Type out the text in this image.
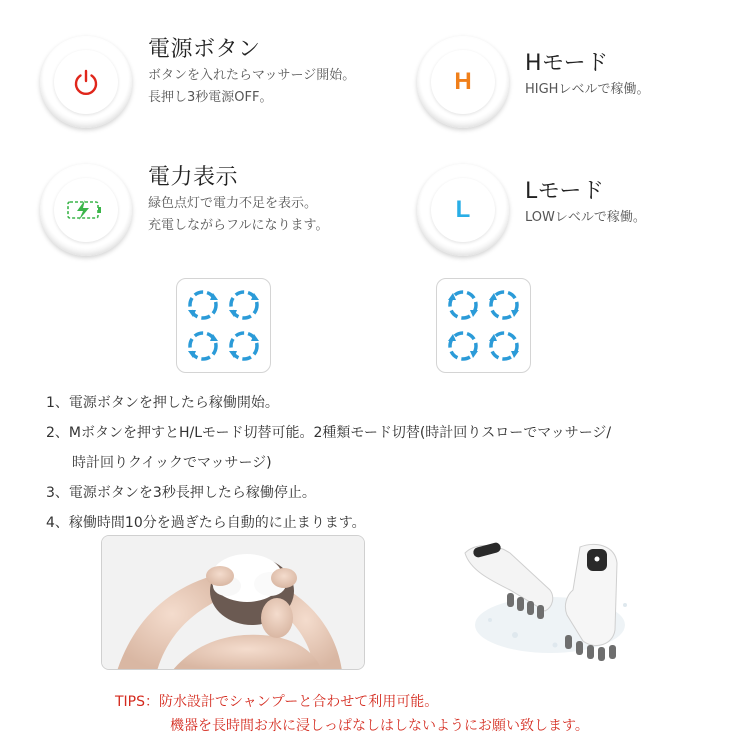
電源ボタン
ボタンを入れたらマッサージ開始。
長押し3秒電源OFF。
H
Hモード
HIGHレベルで稼働。
電力表示
緑色点灯で電力不足を表示。
充電しながらフルになります。
L
Lモード
LOWレベルで稼働。
1、電源ボタンを押したら稼働開始。
2、Mボタンを押すとH/Lモード切替可能。2種類モード切替(時計回りスローでマッサージ/
時計回りクイックでマッサージ)
3、電源ボタンを3秒長押したら稼働停止。
4、稼働時間10分を過ぎたら自動的に止まります。
TIPS：防水設計でシャンプーと合わせて利用可能。
機器を長時間お水に浸しっぱなしはしないようにお願い致します。
